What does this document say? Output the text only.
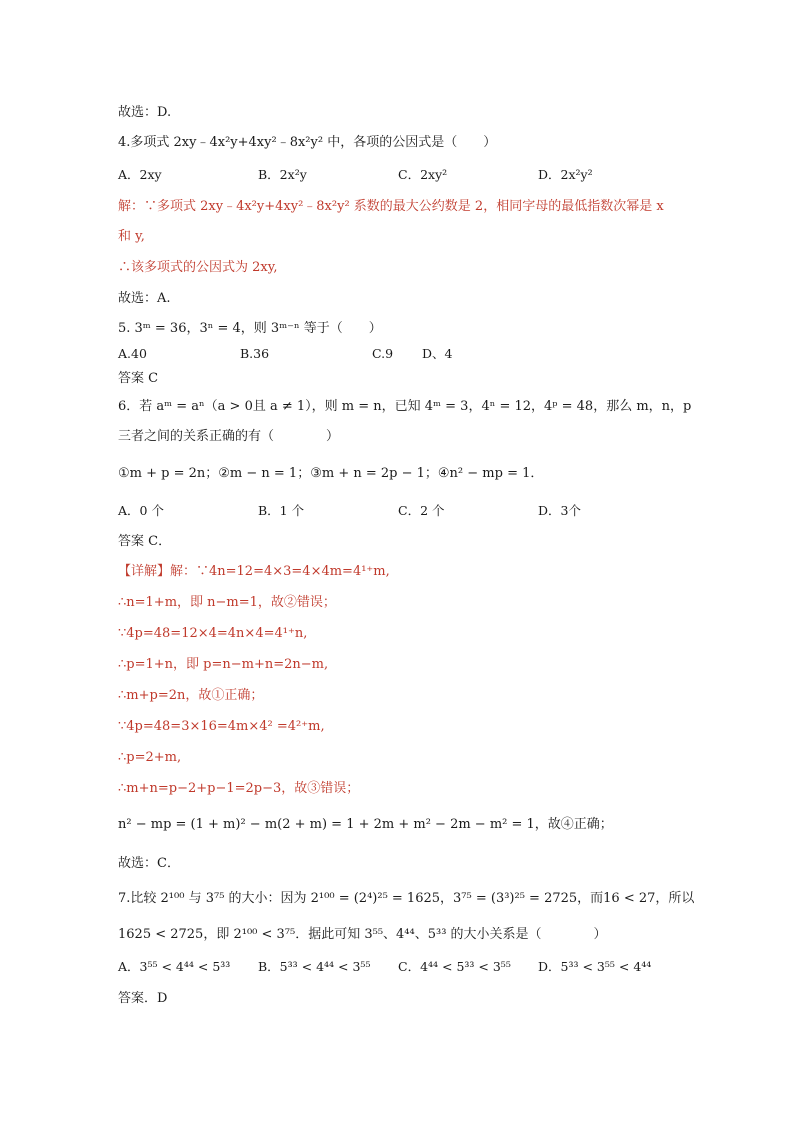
故选：D.
4.多项式 2xy﹣4x²y+4xy²﹣8x²y² 中，各项的公因式是（　　）
A．2xy	B．2x²y	C．2xy²	D．2x²y²
解：∵多项式 2xy﹣4x²y+4xy²﹣8x²y² 系数的最大公约数是 2，相同字母的最低指数次幂是 x
和 y,
∴该多项式的公因式为 2xy,
故选：A.
5. 3ᵐ = 36，3ⁿ = 4，则 3ᵐ⁻ⁿ 等于（　　）
A.40	B.36	C.9 D、4
答案 C
6．若 aᵐ = aⁿ（a > 0且 a ≠ 1），则 m = n，已知 4ᵐ = 3，4ⁿ = 12，4ᵖ = 48，那么 m，n，p
三者之间的关系正确的有（　　　　）
①m + p = 2n；②m − n = 1；③m + n = 2p − 1；④n² − mp = 1．
A．0 个	B．1 个	C．2 个	D．3个
答案 C．
【详解】解：∵4n=12=4×3=4×4m=4¹⁺m,
∴n=1+m，即 n−m=1，故②错误；
∵4p=48=12×4=4n×4=4¹⁺n,
∴p=1+n，即 p=n−m+n=2n−m,
∴m+p=2n，故①正确；
∵4p=48=3×16=4m×4² =4²⁺m,
∴p=2+m,
∴m+n=p−2+p−1=2p−3，故③错误；
n² − mp = (1 + m)² − m(2 + m) = 1 + 2m + m² − 2m − m² = 1，故④正确；
故选：C．
7.比较 2¹⁰⁰ 与 3⁷⁵ 的大小：因为 2¹⁰⁰ = (2⁴)²⁵ = 1625，3⁷⁵ = (3³)²⁵ = 2725，而16 < 27，所以
1625 < 2725，即 2¹⁰⁰ < 3⁷⁵．据此可知 3⁵⁵、4⁴⁴、5³³ 的大小关系是（　　　　）
A．3⁵⁵ < 4⁴⁴ < 5³³ B．5³³ < 4⁴⁴ < 3⁵⁵ C．4⁴⁴ < 5³³ < 3⁵⁵ D．5³³ < 3⁵⁵ < 4⁴⁴
答案．D
